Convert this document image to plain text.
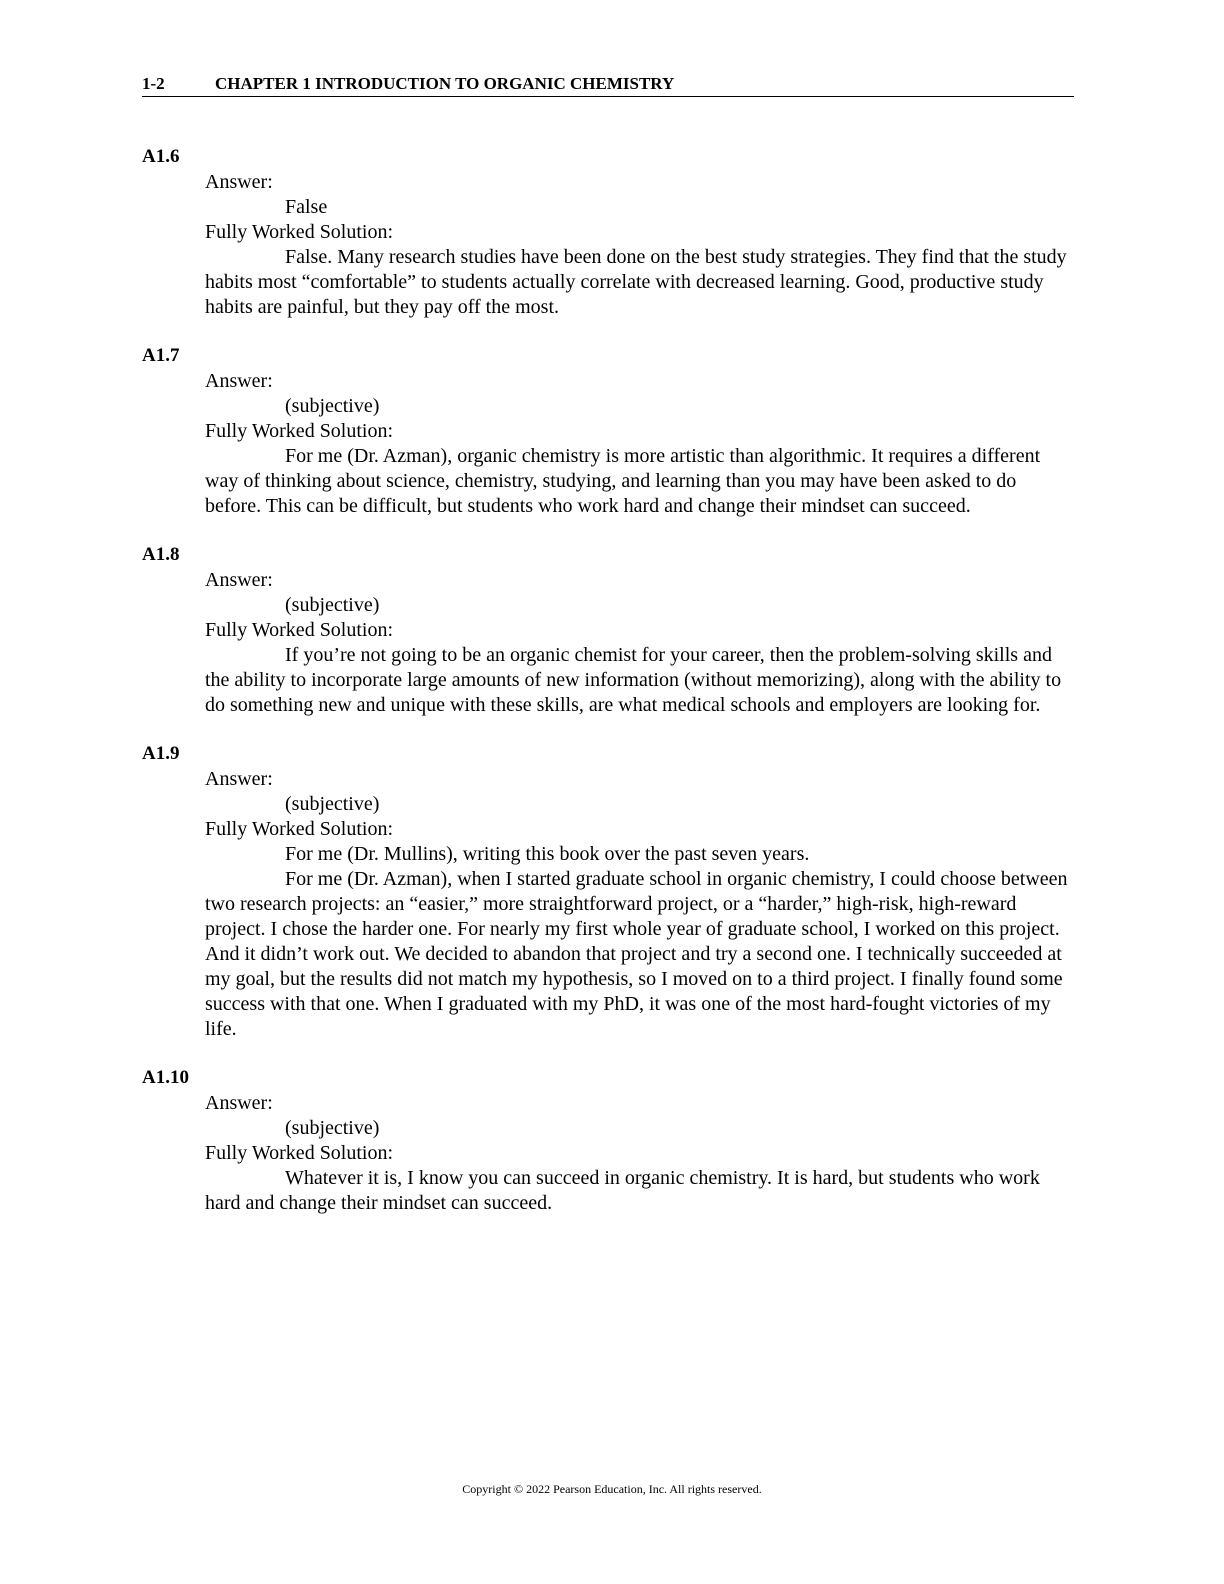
1-2	CHAPTER 1 INTRODUCTION TO ORGANIC CHEMISTRY
A1.6
Answer:
False
Fully Worked Solution:
False. Many research studies have been done on the best study strategies. They find that the study habits most “comfortable” to students actually correlate with decreased learning. Good, productive study habits are painful, but they pay off the most.
A1.7
Answer:
(subjective)
Fully Worked Solution:
For me (Dr. Azman), organic chemistry is more artistic than algorithmic. It requires a different way of thinking about science, chemistry, studying, and learning than you may have been asked to do before. This can be difficult, but students who work hard and change their mindset can succeed.
A1.8
Answer:
(subjective)
Fully Worked Solution:
If you’re not going to be an organic chemist for your career, then the problem-solving skills and the ability to incorporate large amounts of new information (without memorizing), along with the ability to do something new and unique with these skills, are what medical schools and employers are looking for.
A1.9
Answer:
(subjective)
Fully Worked Solution:
For me (Dr. Mullins), writing this book over the past seven years.
For me (Dr. Azman), when I started graduate school in organic chemistry, I could choose between two research projects: an “easier,” more straightforward project, or a “harder,” high-risk, high-reward project. I chose the harder one. For nearly my first whole year of graduate school, I worked on this project. And it didn’t work out. We decided to abandon that project and try a second one. I technically succeeded at my goal, but the results did not match my hypothesis, so I moved on to a third project. I finally found some success with that one. When I graduated with my PhD, it was one of the most hard-fought victories of my life.
A1.10
Answer:
(subjective)
Fully Worked Solution:
Whatever it is, I know you can succeed in organic chemistry. It is hard, but students who work hard and change their mindset can succeed.
Copyright © 2022 Pearson Education, Inc. All rights reserved.
